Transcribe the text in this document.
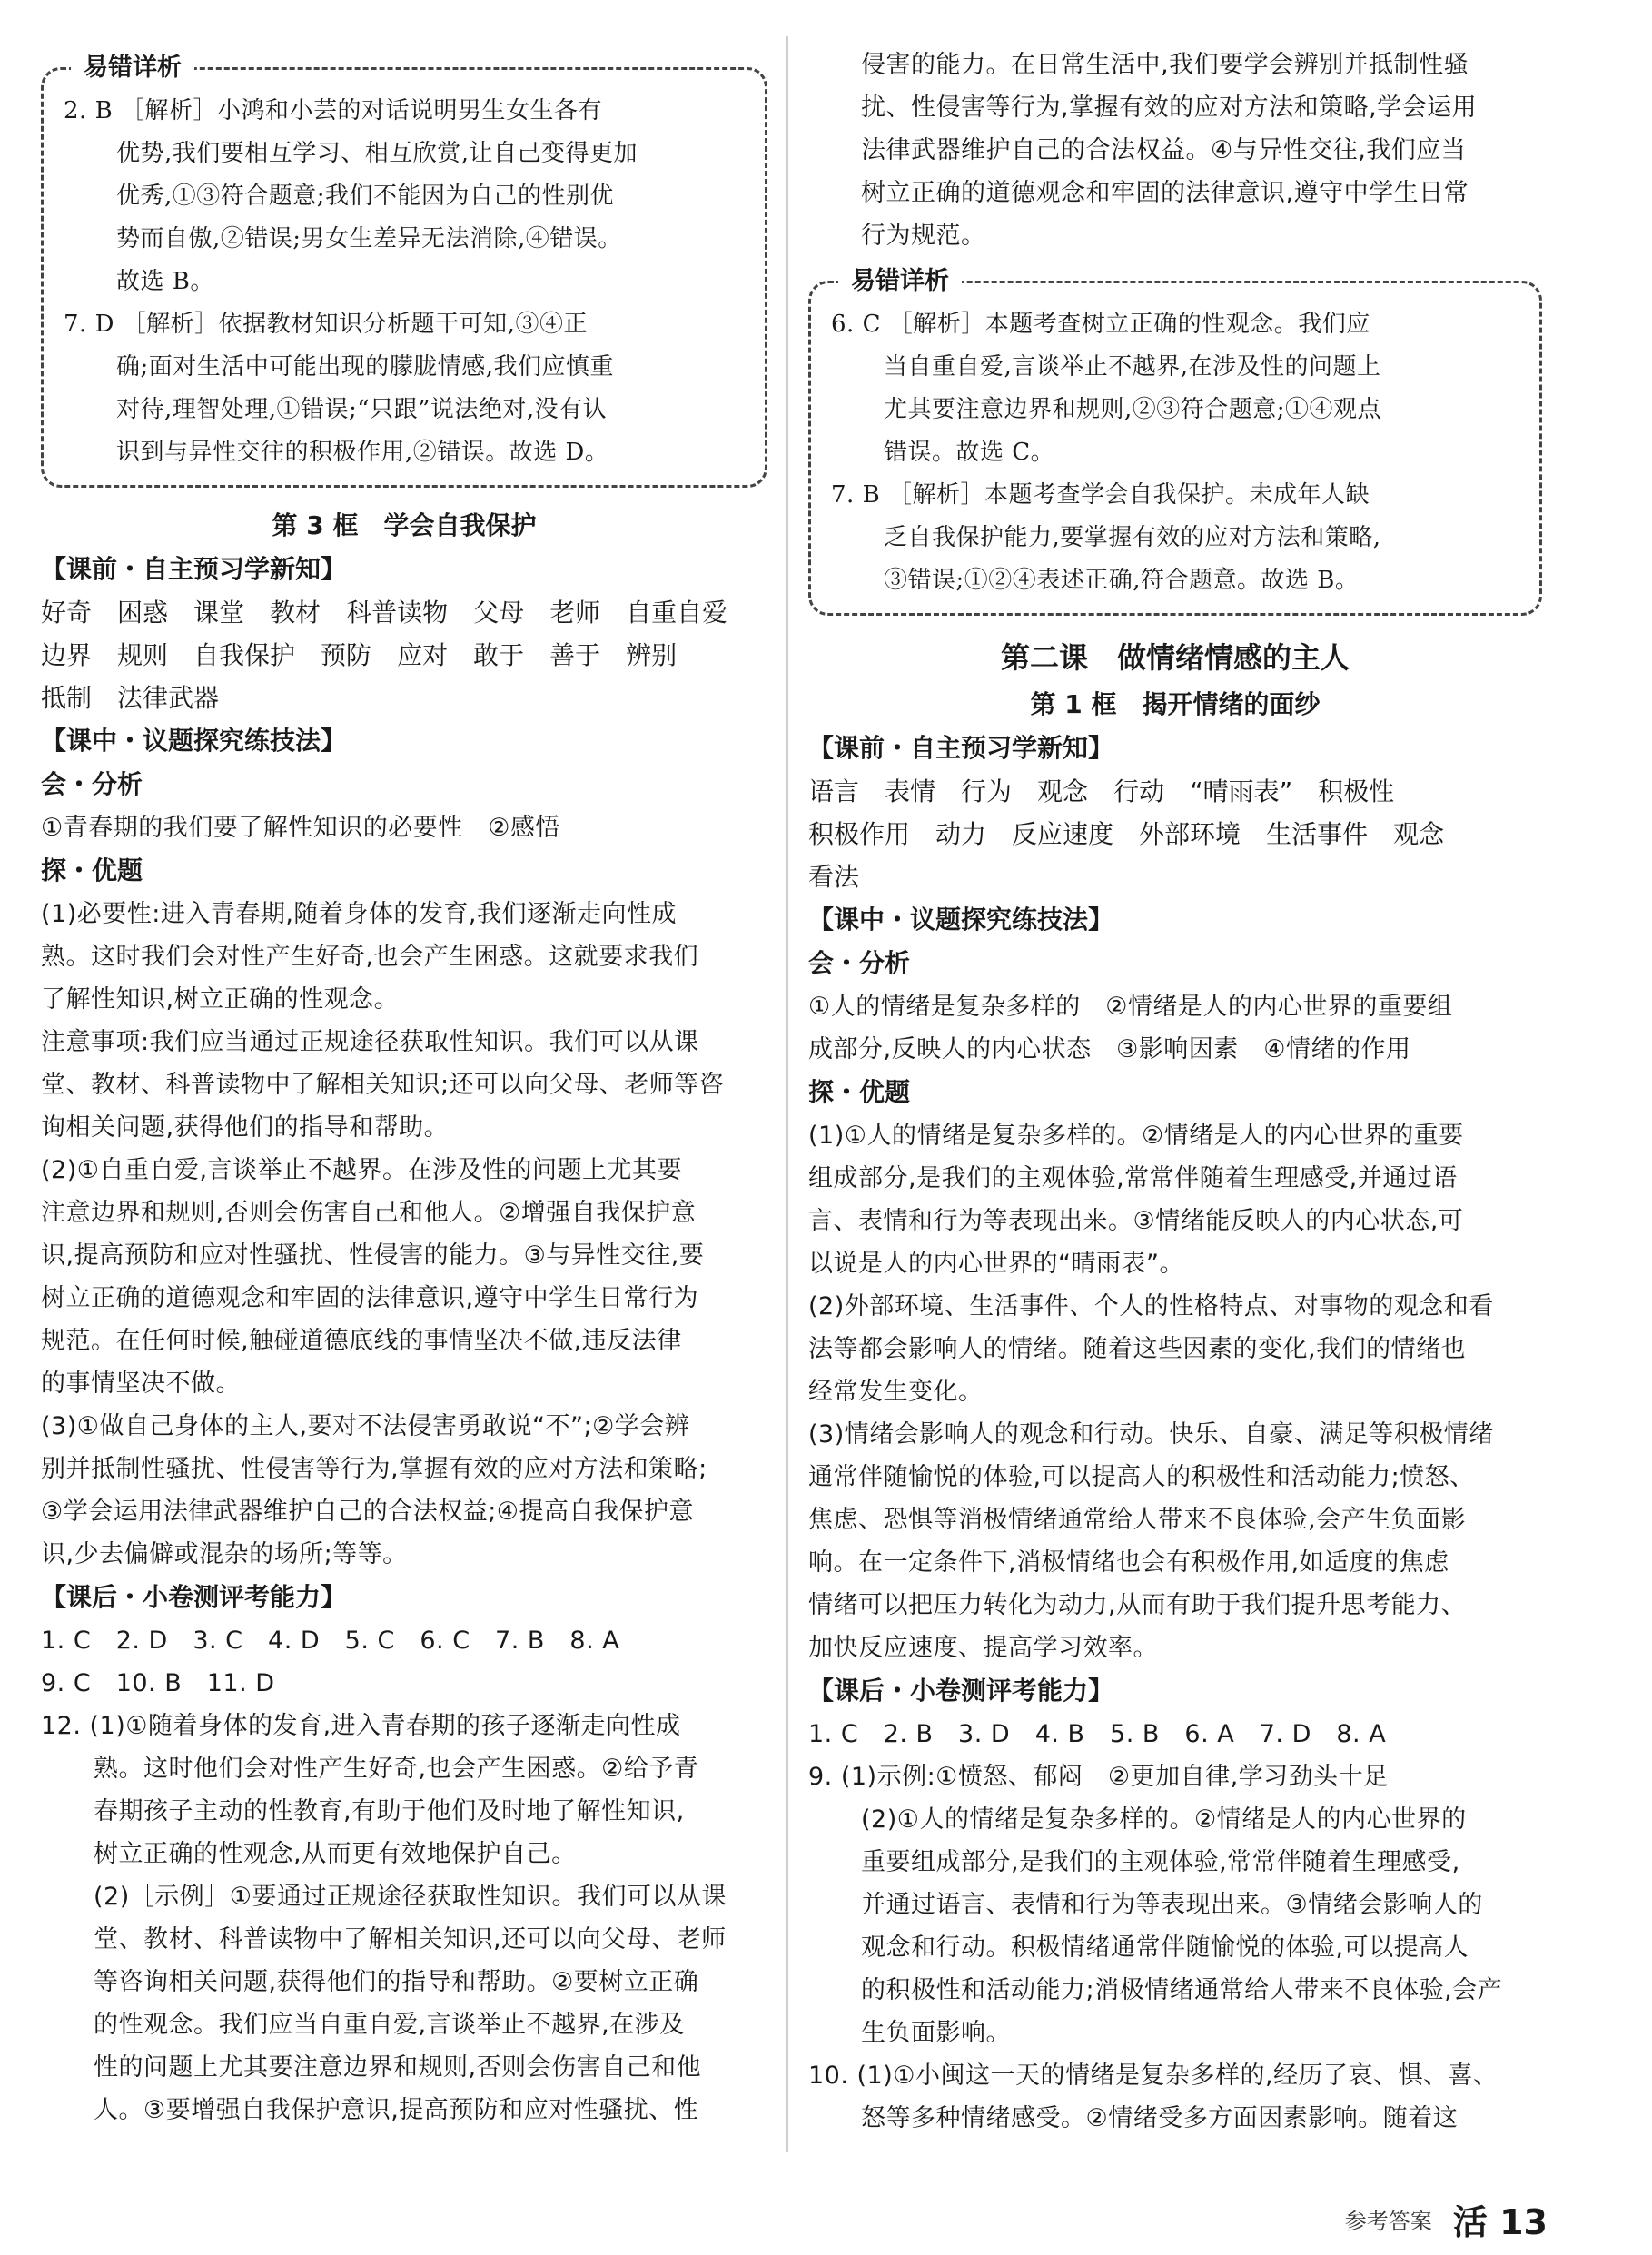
易错详析
2. B ［解析］小鸿和小芸的对话说明男生女生各有
优势,我们要相互学习、相互欣赏,让自己变得更加
优秀,①③符合题意;我们不能因为自己的性别优
势而自傲,②错误;男女生差异无法消除,④错误。
故选 B。
7. D ［解析］依据教材知识分析题干可知,③④正
确;面对生活中可能出现的朦胧情感,我们应慎重
对待,理智处理,①错误;“只跟”说法绝对,没有认
识到与异性交往的积极作用,②错误。故选 D。
第 3 框　学会自我保护
【课前・自主预习学新知】
好奇 困惑 课堂 教材 科普读物 父母 老师 自重自爱
边界 规则 自我保护 预防 应对 敢于 善于 辨别
抵制 法律武器
【课中・议题探究练技法】
会・分析
①青春期的我们要了解性知识的必要性　②感悟
探・优题
(1)必要性:进入青春期,随着身体的发育,我们逐渐走向性成
熟。这时我们会对性产生好奇,也会产生困惑。这就要求我们
了解性知识,树立正确的性观念。
注意事项:我们应当通过正规途径获取性知识。我们可以从课
堂、教材、科普读物中了解相关知识;还可以向父母、老师等咨
询相关问题,获得他们的指导和帮助。
(2)①自重自爱,言谈举止不越界。在涉及性的问题上尤其要
注意边界和规则,否则会伤害自己和他人。②增强自我保护意
识,提高预防和应对性骚扰、性侵害的能力。③与异性交往,要
树立正确的道德观念和牢固的法律意识,遵守中学生日常行为
规范。在任何时候,触碰道德底线的事情坚决不做,违反法律
的事情坚决不做。
(3)①做自己身体的主人,要对不法侵害勇敢说“不”;②学会辨
别并抵制性骚扰、性侵害等行为,掌握有效的应对方法和策略;
③学会运用法律武器维护自己的合法权益;④提高自我保护意
识,少去偏僻或混杂的场所;等等。
【课后・小卷测评考能力】
1. C　2. D　3. C　4. D　5. C　6. C　7. B　8. A
9. C　10. B　11. D
12. (1)①随着身体的发育,进入青春期的孩子逐渐走向性成
熟。这时他们会对性产生好奇,也会产生困惑。②给予青
春期孩子主动的性教育,有助于他们及时地了解性知识,
树立正确的性观念,从而更有效地保护自己。
(2)［示例］①要通过正规途径获取性知识。我们可以从课
堂、教材、科普读物中了解相关知识,还可以向父母、老师
等咨询相关问题,获得他们的指导和帮助。②要树立正确
的性观念。我们应当自重自爱,言谈举止不越界,在涉及
性的问题上尤其要注意边界和规则,否则会伤害自己和他
人。③要增强自我保护意识,提高预防和应对性骚扰、性
侵害的能力。在日常生活中,我们要学会辨别并抵制性骚
扰、性侵害等行为,掌握有效的应对方法和策略,学会运用
法律武器维护自己的合法权益。④与异性交往,我们应当
树立正确的道德观念和牢固的法律意识,遵守中学生日常
行为规范。
易错详析
6. C ［解析］本题考查树立正确的性观念。我们应
当自重自爱,言谈举止不越界,在涉及性的问题上
尤其要注意边界和规则,②③符合题意;①④观点
错误。故选 C。
7. B ［解析］本题考查学会自我保护。未成年人缺
乏自我保护能力,要掌握有效的应对方法和策略,
③错误;①②④表述正确,符合题意。故选 B。
第二课　做情绪情感的主人
第 1 框　揭开情绪的面纱
【课前・自主预习学新知】
语言 表情 行为 观念 行动 “晴雨表” 积极性
积极作用 动力 反应速度 外部环境 生活事件 观念
看法
【课中・议题探究练技法】
会・分析
①人的情绪是复杂多样的　②情绪是人的内心世界的重要组
成部分,反映人的内心状态　③影响因素　④情绪的作用
探・优题
(1)①人的情绪是复杂多样的。②情绪是人的内心世界的重要
组成部分,是我们的主观体验,常常伴随着生理感受,并通过语
言、表情和行为等表现出来。③情绪能反映人的内心状态,可
以说是人的内心世界的“晴雨表”。
(2)外部环境、生活事件、个人的性格特点、对事物的观念和看
法等都会影响人的情绪。随着这些因素的变化,我们的情绪也
经常发生变化。
(3)情绪会影响人的观念和行动。快乐、自豪、满足等积极情绪
通常伴随愉悦的体验,可以提高人的积极性和活动能力;愤怒、
焦虑、恐惧等消极情绪通常给人带来不良体验,会产生负面影
响。在一定条件下,消极情绪也会有积极作用,如适度的焦虑
情绪可以把压力转化为动力,从而有助于我们提升思考能力、
加快反应速度、提高学习效率。
【课后・小卷测评考能力】
1. C　2. B　3. D　4. B　5. B　6. A　7. D　8. A
9. (1)示例:①愤怒、郁闷　②更加自律,学习劲头十足
(2)①人的情绪是复杂多样的。②情绪是人的内心世界的
重要组成部分,是我们的主观体验,常常伴随着生理感受,
并通过语言、表情和行为等表现出来。③情绪会影响人的
观念和行动。积极情绪通常伴随愉悦的体验,可以提高人
的积极性和活动能力;消极情绪通常给人带来不良体验,会产
生负面影响。
10. (1)①小闽这一天的情绪是复杂多样的,经历了哀、惧、喜、
怒等多种情绪感受。②情绪受多方面因素影响。随着这
参考答案 活 13
